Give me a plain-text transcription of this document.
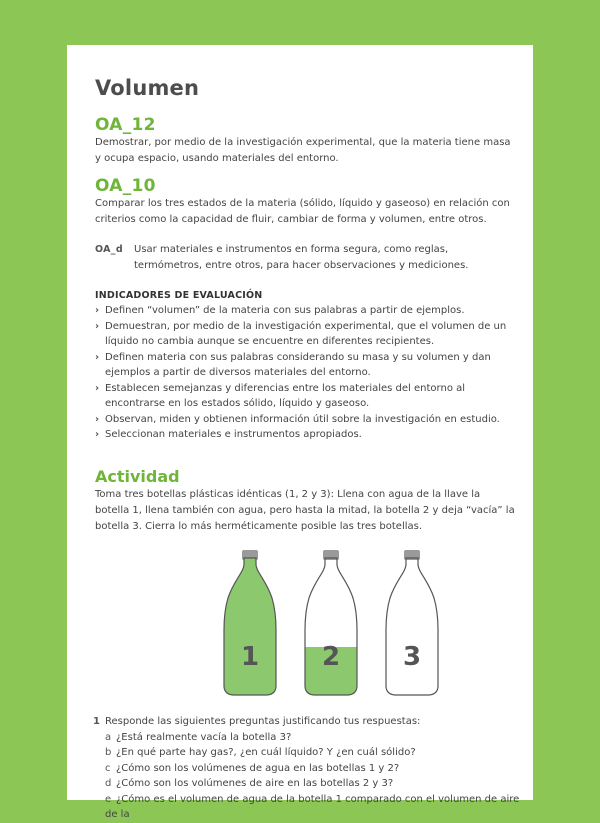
Volumen
OA_12
Demostrar, por medio de la investigación experimental, que la materia tiene masa y ocupa espacio, usando materiales del entorno.
OA_10
Comparar los tres estados de la materia (sólido, líquido y gaseoso) en relación con criterios como la capacidad de fluir, cambiar de forma y volumen, entre otros.
OA_d Usar materiales e instrumentos en forma segura, como reglas, termómetros, entre otros, para hacer observaciones y mediciones.
INDICADORES DE EVALUACIÓN
› Definen “volumen” de la materia con sus palabras a partir de ejemplos.
› Demuestran, por medio de la investigación experimental, que el volumen de un líquido no cambia aunque se encuentre en diferentes recipientes.
› Definen materia con sus palabras considerando su masa y su volumen y dan ejemplos a partir de diversos materiales del entorno.
› Establecen semejanzas y diferencias entre los materiales del entorno al encontrarse en los estados sólido, líquido y gaseoso.
› Observan, miden y obtienen información útil sobre la investigación en estudio.
› Seleccionan materiales e instrumentos apropiados.
Actividad
Toma tres botellas plásticas idénticas (1, 2 y 3): Llena con agua de la llave la botella 1, llena también con agua, pero hasta la mitad, la botella 2 y deja “vacía” la botella 3. Cierra lo más herméticamente posible las tres botellas.
1 2 3
1 Responde las siguientes preguntas justificando tus respuestas:
a ¿Está realmente vacía la botella 3?
b ¿En qué parte hay gas?, ¿en cuál líquido? Y ¿en cuál sólido?
c ¿Cómo son los volúmenes de agua en las botellas 1 y 2?
d ¿Cómo son los volúmenes de aire en las botellas 2 y 3?
e ¿Cómo es el volumen de agua de la botella 1 comparado con el volumen de aire de la
